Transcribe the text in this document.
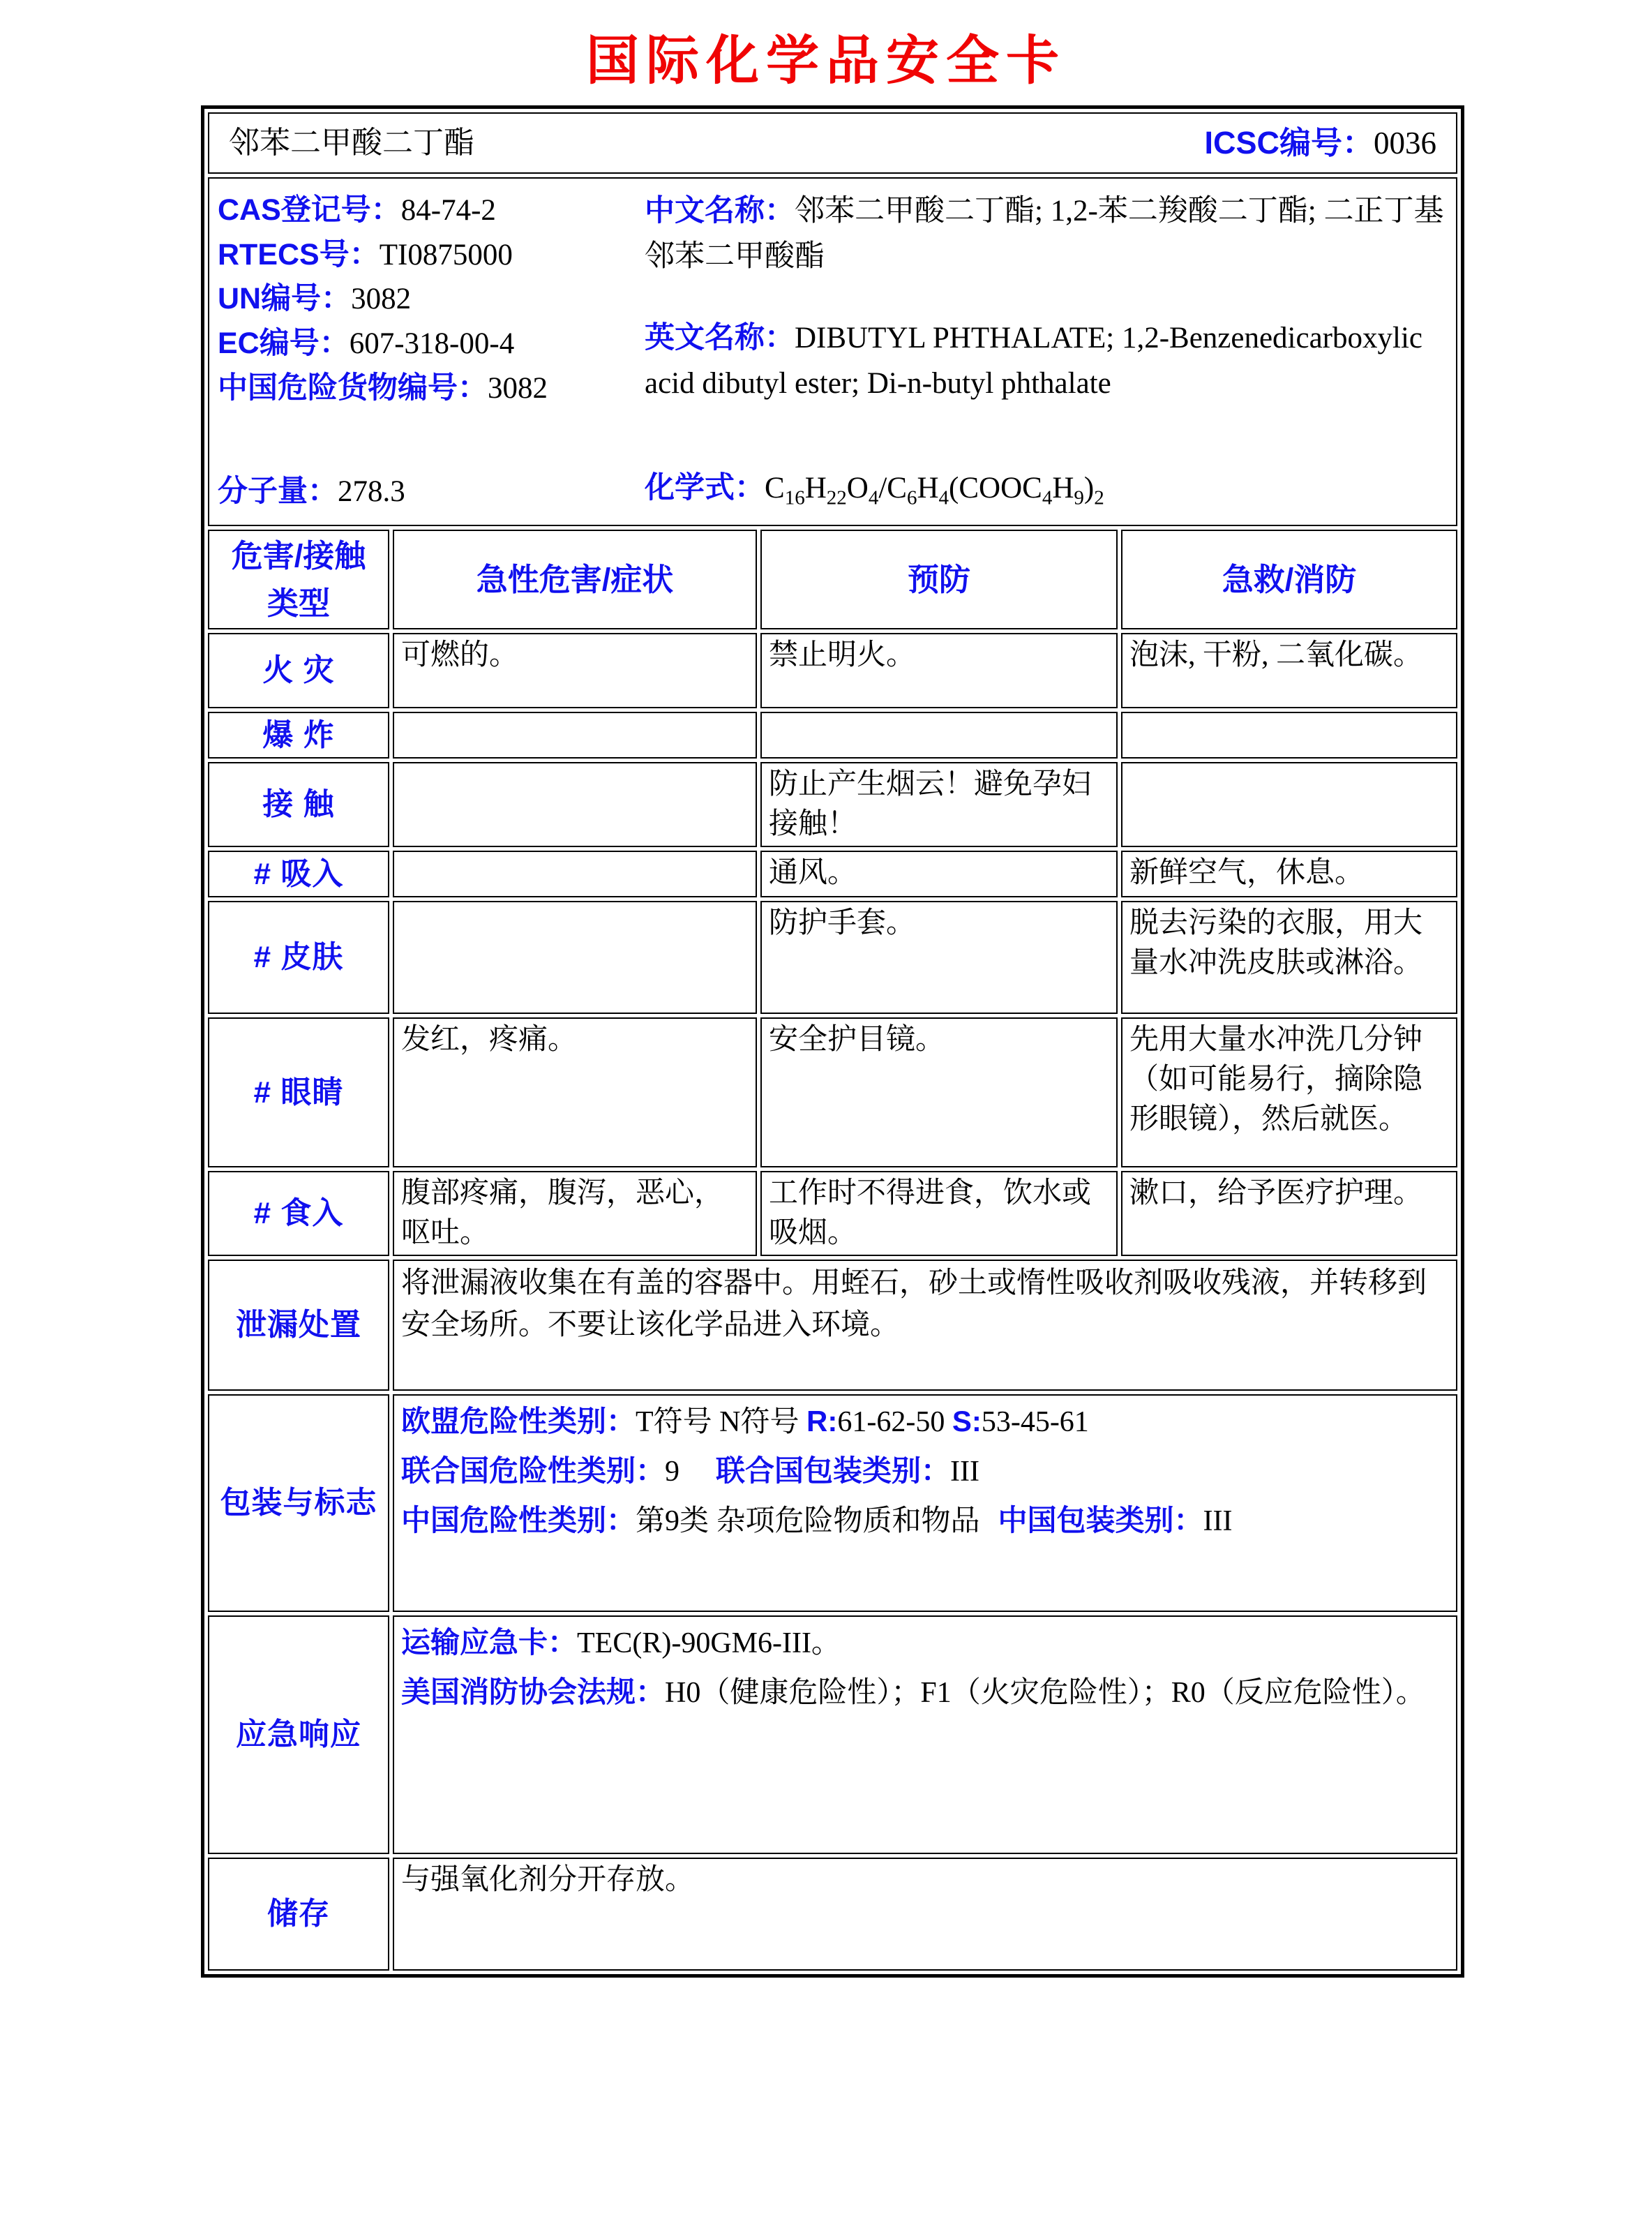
国际化学品安全卡
邻苯二甲酸二丁酯 ICSC编号：0036			

CAS登记号：84-74-2
RTECS号：TI0875000
UN编号：3082
EC编号：607-318-00-4
中国危险货物编号：3082
分子量：278.3
中文名称：邻苯二甲酸二丁酯; 1,2-苯二羧酸二丁酯; 二正丁基邻苯二甲酸酯
英文名称：DIBUTYL PHTHALATE; 1,2-Benzenedicarboxylic acid dibutyl ester; Di-n-butyl phthalate
化学式：$C_{16}H_{22}O_4/C_6H_4(COOC_4H_9)_2$

危害/接触
类型	急性危害/症状	预防	急救/消防
火 灾	可燃的。	禁止明火。	泡沫, 干粉, 二氧化碳。
爆 炸			
接 触		防止产生烟云！避免孕妇接触！	
# 吸入		通风。	新鲜空气，休息。
# 皮肤		防护手套。	脱去污染的衣服，用大量水冲洗皮肤或淋浴。
# 眼睛	发红，疼痛。	安全护目镜。	先用大量水冲洗几分钟（如可能易行，摘除隐形眼镜），然后就医。
# 食入	腹部疼痛，腹泻，恶心，呕吐。	工作时不得进食，饮水或吸烟。	漱口，给予医疗护理。
泄漏处置	将泄漏液收集在有盖的容器中。用蛭石，砂土或惰性吸收剂吸收残液，并转移到安全场所。不要让该化学品进入环境。		
包装与标志	欧盟危险性类别：T符号 N符号 R:61-62-50 S:53-45-61

联合国危险性类别：9 联合国包装类别：III

中国危险性类别：第9类 杂项危险物质和物品 中国包装类别：III		

应急响应	运输应急卡：TEC(R)-90GM6-III。

美国消防协会法规：H0（健康危险性）；F1（火灾危险性）；R0（反应危险性）。		

储存	与强氧化剂分开存放。		
